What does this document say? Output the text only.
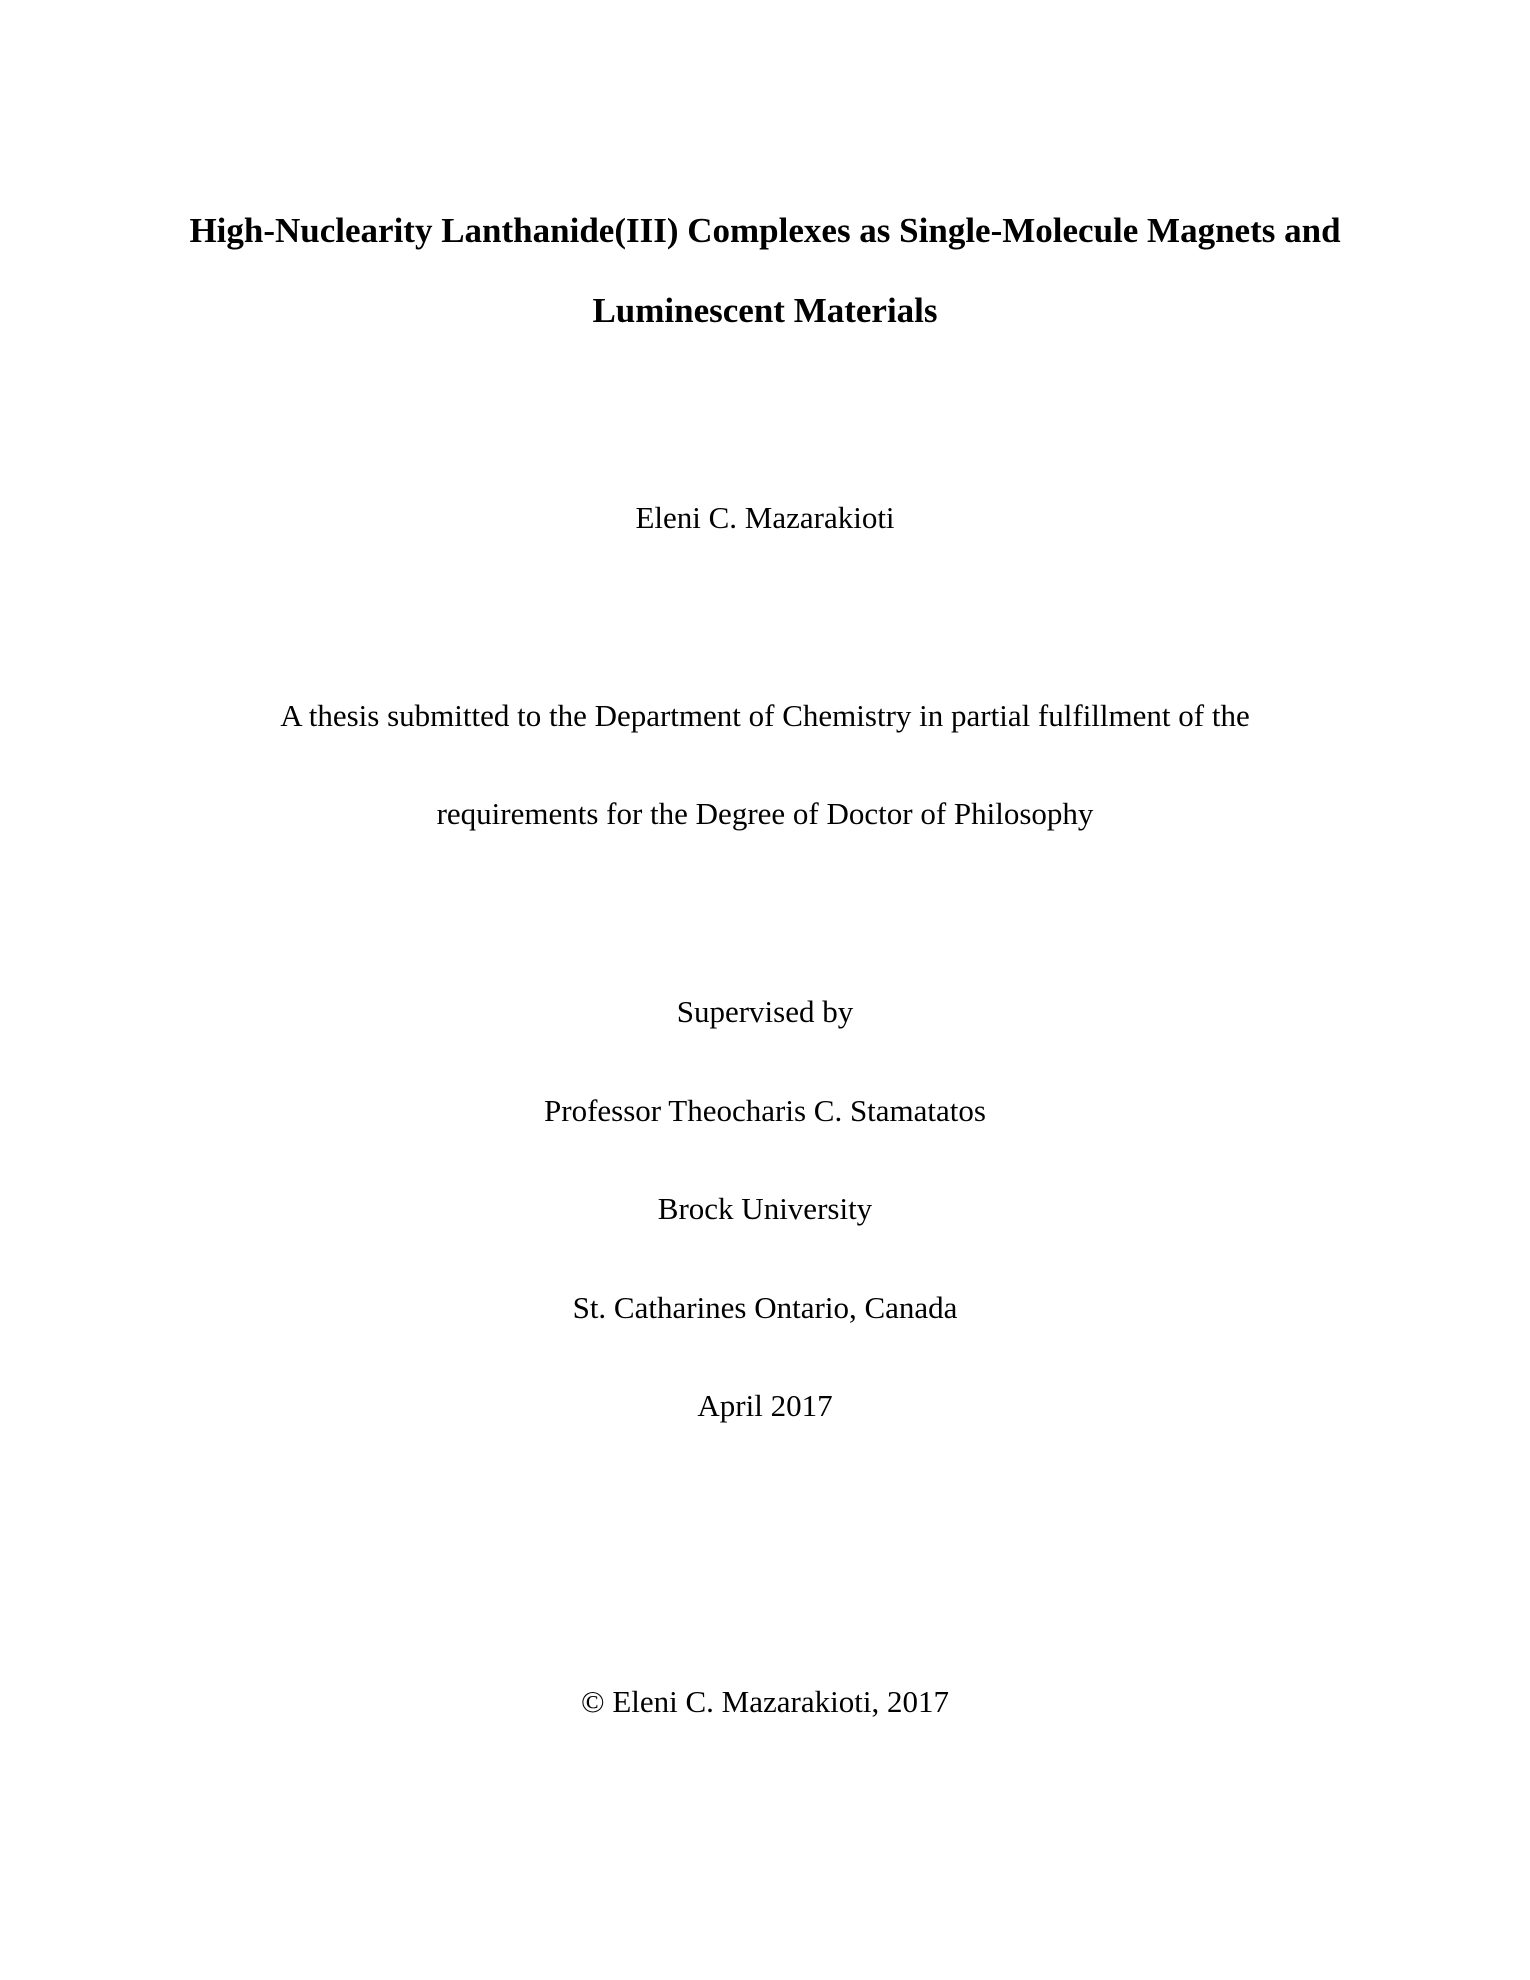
High-Nuclearity Lanthanide(III) Complexes as Single-Molecule Magnets and
Luminescent Materials
Eleni C. Mazarakioti
A thesis submitted to the Department of Chemistry in partial fulfillment of the
requirements for the Degree of Doctor of Philosophy
Supervised by
Professor Theocharis C. Stamatatos
Brock University
St. Catharines Ontario, Canada
April 2017
© Eleni C. Mazarakioti, 2017
